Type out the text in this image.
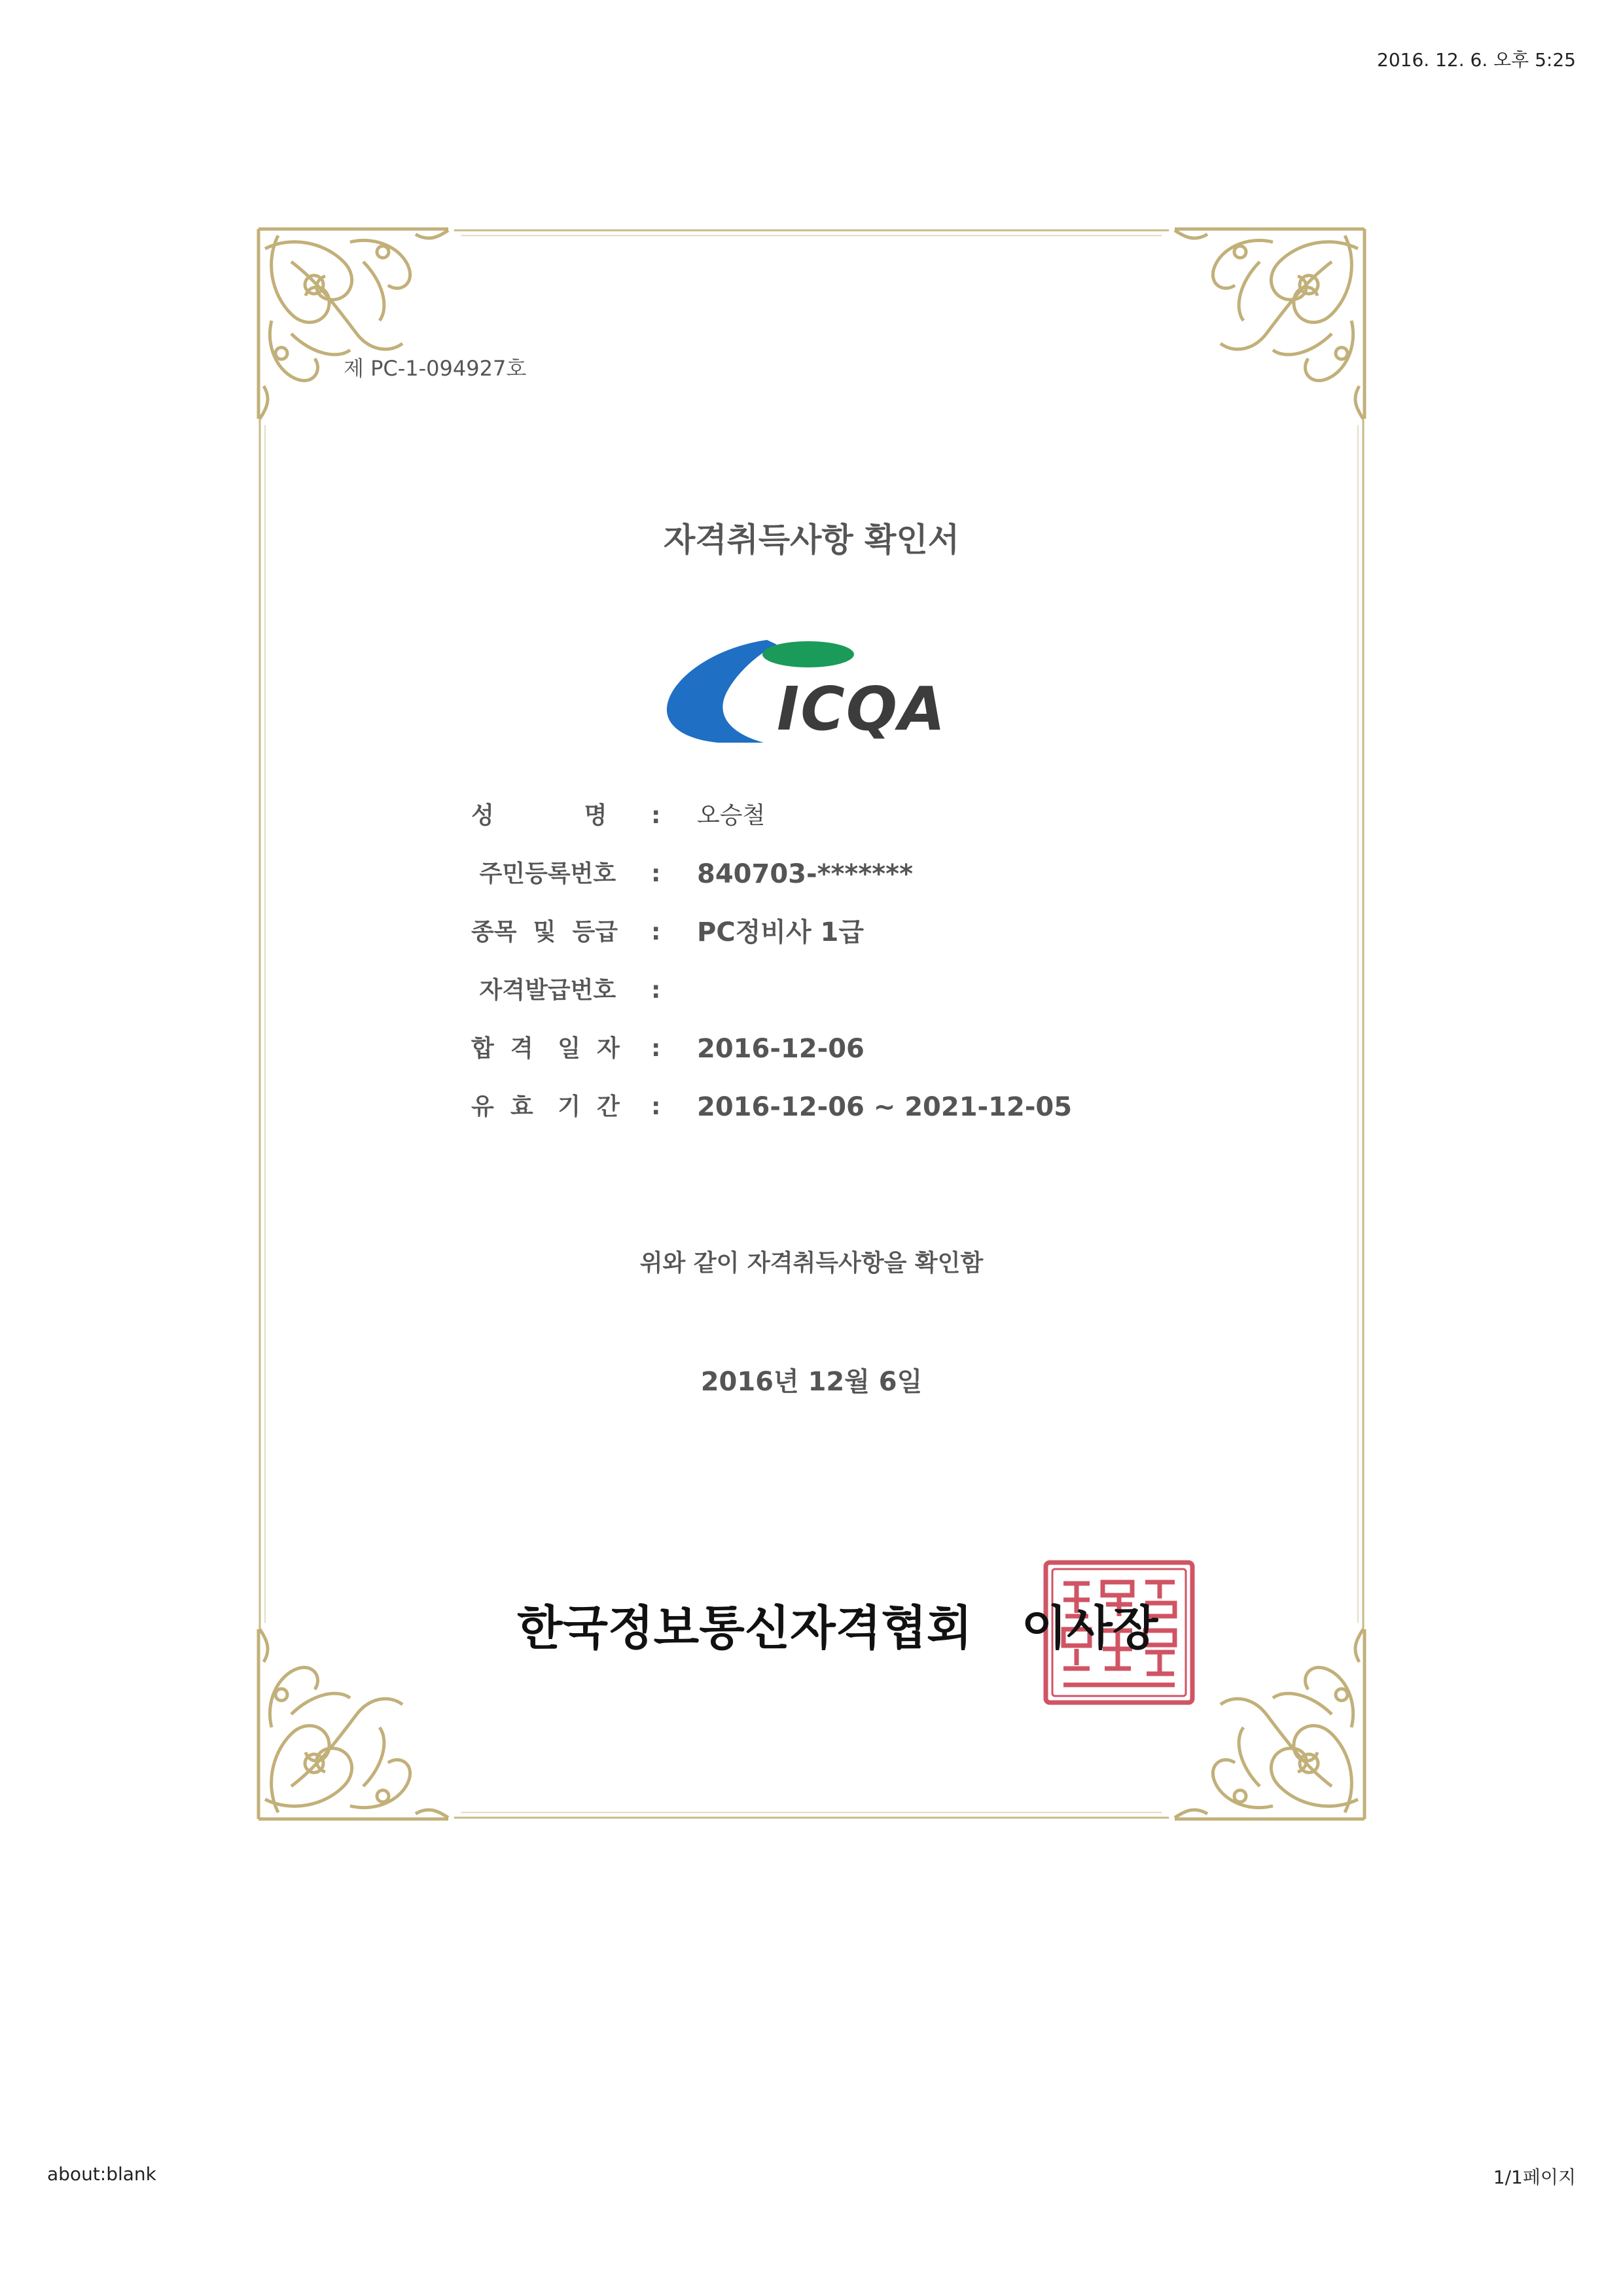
2016. 12. 6. 오후 5:25
제 PC-1-094927호
자격취득사항 확인서
ICQA
성           명	: 오승철
주민등록번호	: 840703-*******
종목  및  등급	: PC정비사 1급
자격발급번호	:
합  격   일  자	: 2016-12-06
유  효   기  간	: 2016-12-06 ~ 2021-12-05
위와 같이 자격취득사항을 확인함
2016년 12월 6일
한국정보통신자격협회   이사장
about:blank	1/1페이지
